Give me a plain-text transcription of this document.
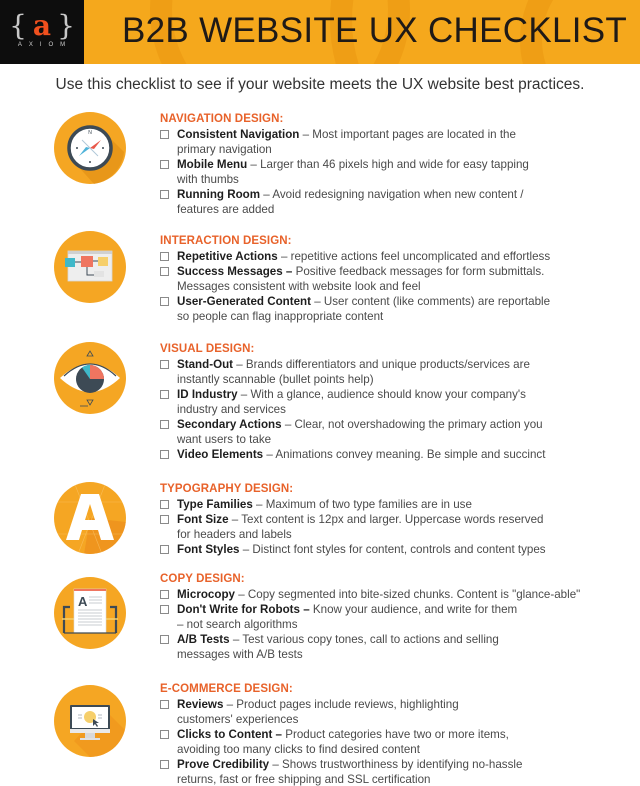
{ a }
AXIOM B2B WEBSITE UX CHECKLIST
Use this checklist to see if your website meets the UX website best practices.
N
NAVIGATION DESIGN:
Consistent Navigation – Most important pages are located in the
primary navigation
Mobile Menu – Larger than 46 pixels high and wide for easy tapping
with thumbs
Running Room – Avoid redesigning navigation when new content /
features are added
INTERACTION DESIGN:
Repetitive Actions – repetitive actions feel uncomplicated and effortless
Success Messages – Positive feedback messages for form submittals.
Messages consistent with website look and feel
User-Generated Content – User content (like comments) are reportable
so people can flag inappropriate content
VISUAL DESIGN:
Stand-Out – Brands differentiators and unique products/services are
instantly scannable (bullet points help)
ID Industry – With a glance, audience should know your company's
industry and services
Secondary Actions – Clear, not overshadowing the primary action you
want users to take
Video Elements – Animations convey meaning. Be simple and succinct
TYPOGRAPHY DESIGN:
Type Families – Maximum of two type families are in use
Font Size – Text content is 12px and larger. Uppercase words reserved
for headers and labels
Font Styles – Distinct font styles for content, controls and content types
A
COPY DESIGN:
Microcopy – Copy segmented into bite-sized chunks. Content is "glance-able"
Don't Write for Robots – Know your audience, and write for them
– not search algorithms
A/B Tests – Test various copy tones, call to actions and selling
messages with A/B tests
E-COMMERCE DESIGN:
Reviews – Product pages include reviews, highlighting
customers' experiences
Clicks to Content – Product categories have two or more items,
avoiding too many clicks to find desired content
Prove Credibility – Shows trustworthiness by identifying no-hassle
returns, fast or free shipping and SSL certification
